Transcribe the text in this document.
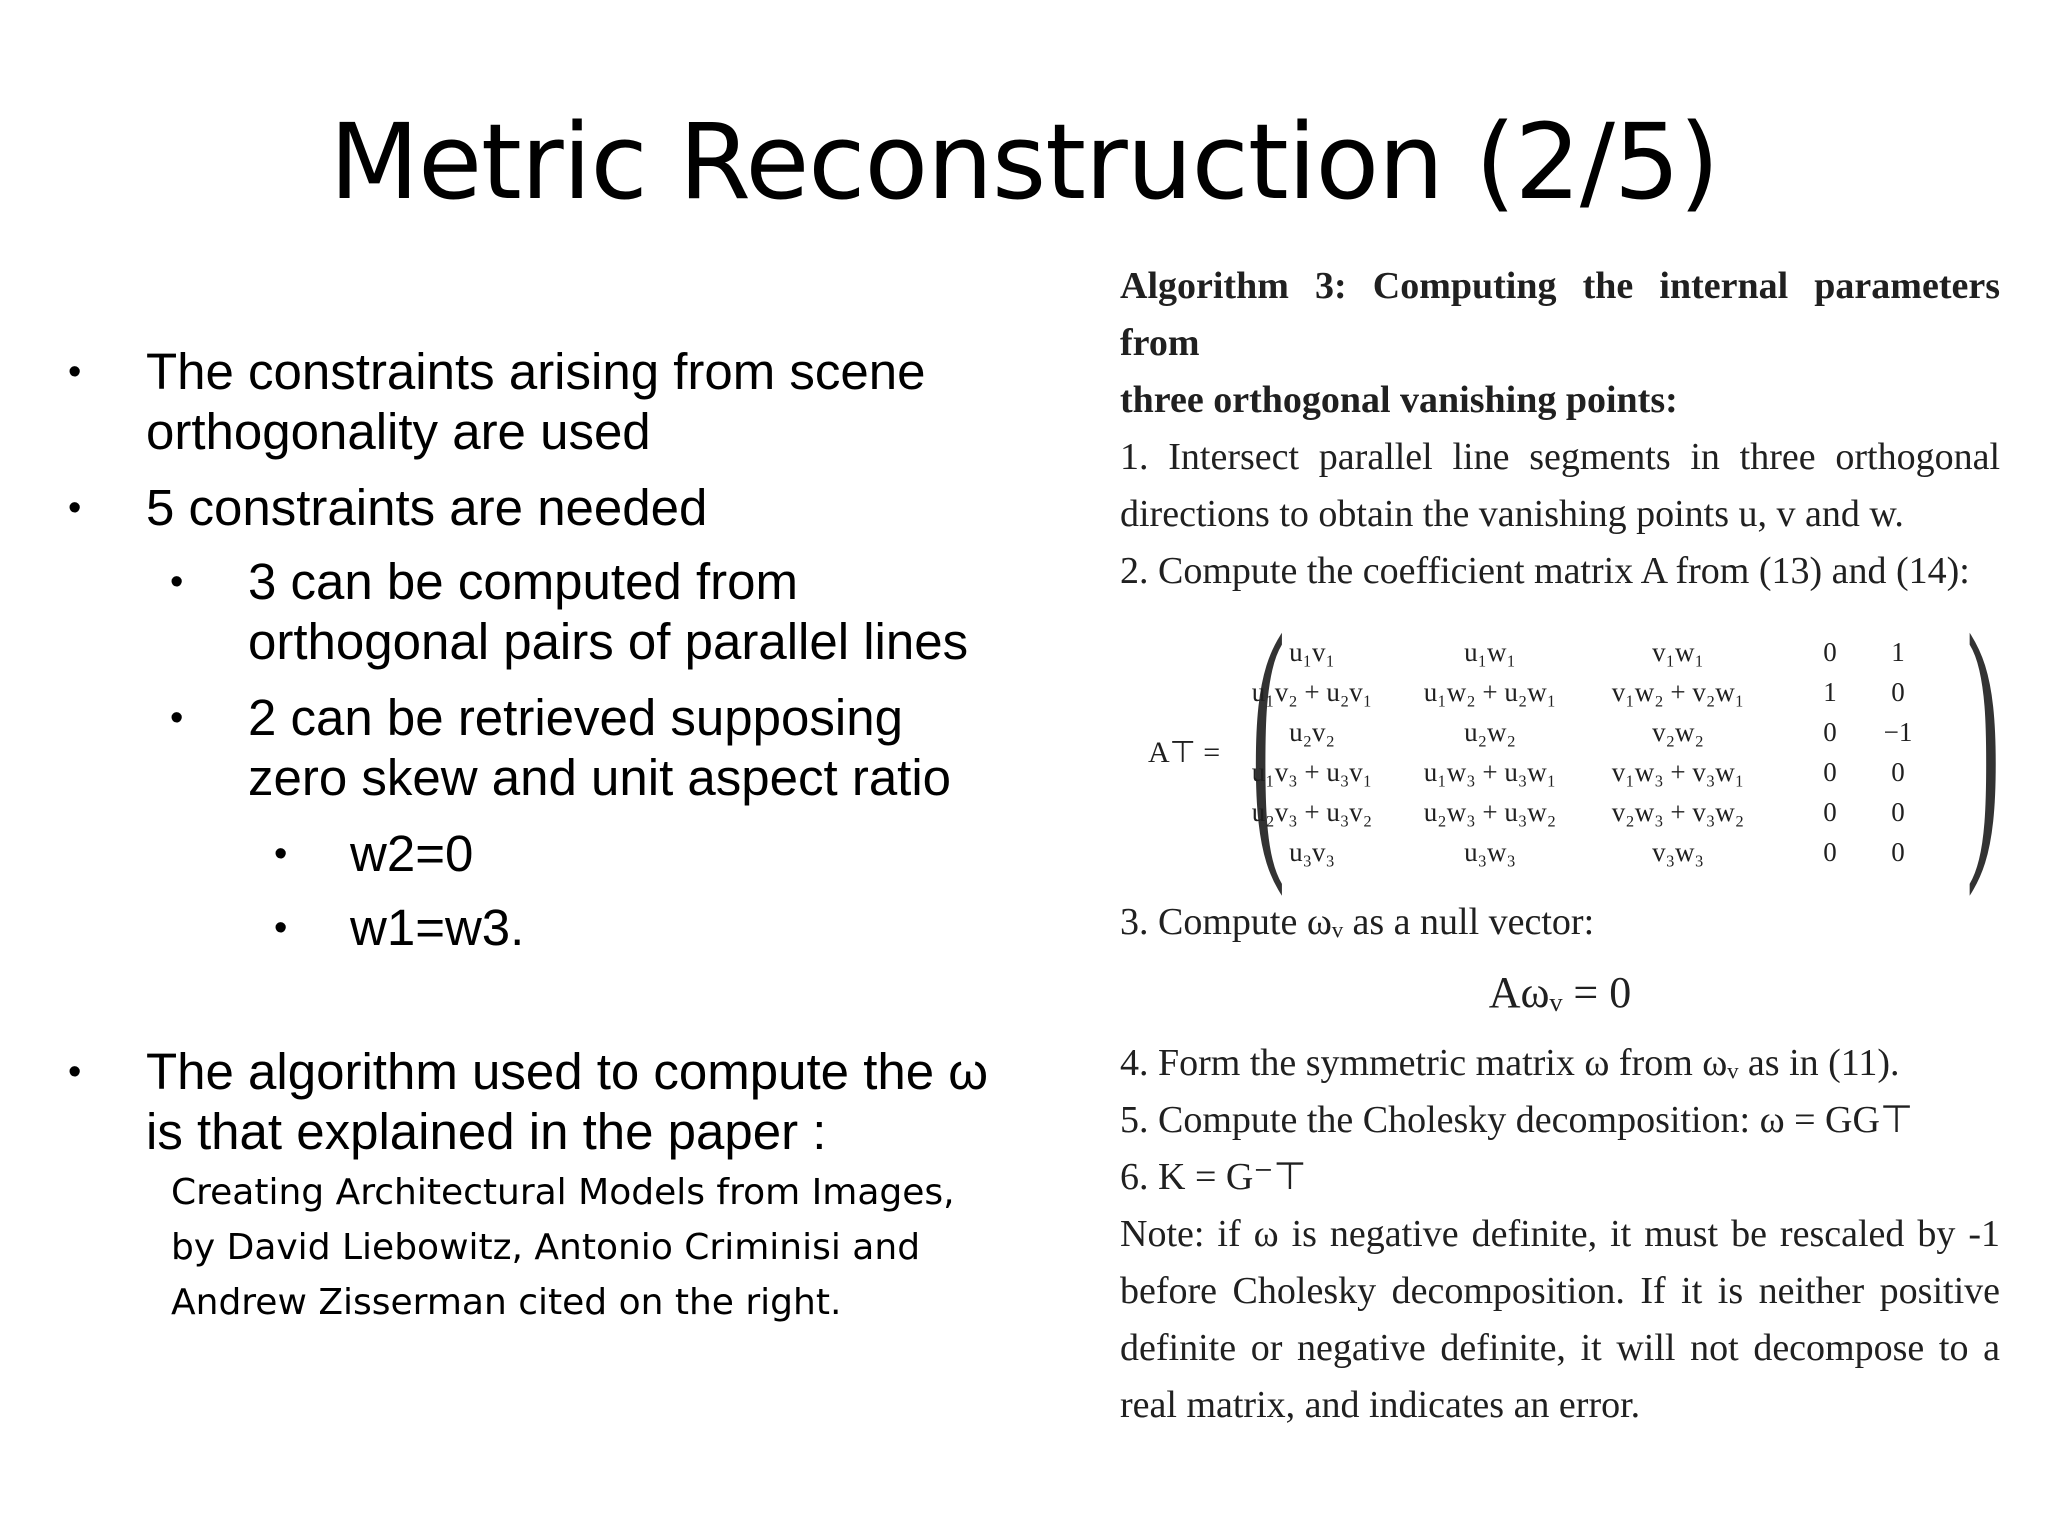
Metric Reconstruction (2/5)
• The constraints arising from scene
orthogonality are used
• 5 constraints are needed
• 3 can be computed from
orthogonal pairs of parallel lines
• 2 can be retrieved supposing
zero skew and unit aspect ratio
• w2=0
• w1=w3.
• The algorithm used to compute the ω
is that explained in the paper :
Creating Architectural Models from Images,
by David Liebowitz, Antonio Criminisi and
Andrew Zisserman cited on the right.

Algorithm 3: Computing the internal parameters from

three orthogonal vanishing points:

1. Intersect parallel line segments in three orthogonal directions to obtain the vanishing points u, v and w.

2. Compute the coefficient matrix A from (13) and (14):

A⊤ = ( )
u₁v₁	u₁w₁	v₁w₁	0	1
u₁v₂ + u₂v₁	u₁w₂ + u₂w₁	v₁w₂ + v₂w₁	1	0
u₂v₂	u₂w₂	v₂w₂	0	−1
u₁v₃ + u₃v₁	u₁w₃ + u₃w₁	v₁w₃ + v₃w₁	0	0
u₂v₃ + u₃v₂	u₂w₃ + u₃w₂	v₂w₃ + v₃w₂	0	0
u₃v₃	u₃w₃	v₃w₃	0	0

3. Compute ωᵥ as a null vector:

Aωᵥ = 0

4. Form the symmetric matrix ω from ωᵥ as in (11).

5. Compute the Cholesky decomposition: ω = GG⊤

6. K = G⁻⊤

Note: if ω is negative definite, it must be rescaled by -1 before Cholesky decomposition. If it is neither positive definite or negative definite, it will not decompose to a real matrix, and indicates an error.
